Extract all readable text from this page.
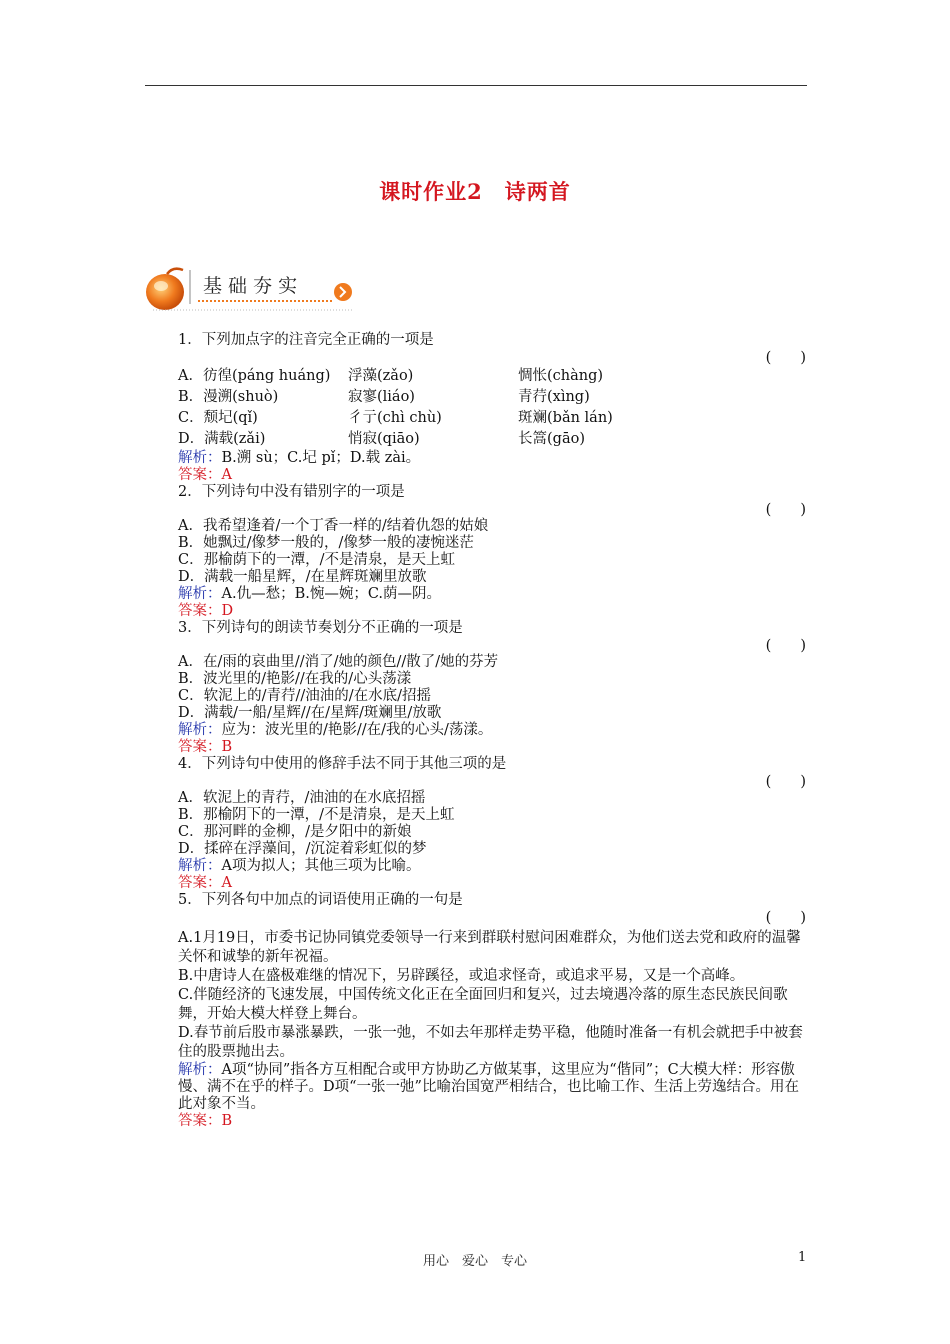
课时作业2　诗两首
基 础 夯 实
1．下列加点字的注音完全正确的一项是
(　　)
A．彷徨(páng huáng)	浮藻(zǎo)	惆怅(chàng)
B．漫溯(shuò)	寂寥(liáo)	青荇(xìng)
C．颓圮(qǐ)	彳亍(chì chù)	斑斓(bǎn lán)
D．满载(zǎi)	悄寂(qiāo)	长篙(gāo)
解析：B.溯 sù；C.圮 pǐ；D.载 zài。
答案：A
2．下列诗句中没有错别字的一项是
(　　)
A．我希望逢着/一个丁香一样的/结着仇怨的姑娘
B．她飘过/像梦一般的，/像梦一般的凄惋迷茫
C．那榆荫下的一潭，/不是清泉，是天上虹
D．满载一船星辉，/在星辉斑斓里放歌
解析：A.仇—愁；B.惋—婉；C.荫—阴。
答案：D
3．下列诗句的朗读节奏划分不正确的一项是
(　　)
A．在/雨的哀曲里//消了/她的颜色//散了/她的芬芳
B．波光里的/艳影//在我的/心头荡漾
C．软泥上的/青荇//油油的/在水底/招摇
D．满载/一船/星辉//在/星辉/斑斓里/放歌
解析：应为：波光里的/艳影//在/我的心头/荡漾。
答案：B
4．下列诗句中使用的修辞手法不同于其他三项的是
(　　)
A．软泥上的青荇，/油油的在水底招摇
B．那榆阴下的一潭，/不是清泉，是天上虹
C．那河畔的金柳，/是夕阳中的新娘
D．揉碎在浮藻间，/沉淀着彩虹似的梦
解析：A项为拟人；其他三项为比喻。
答案：A
5．下列各句中加点的词语使用正确的一句是
(　　)
A.1月19日，市委书记协同镇党委领导一行来到群联村慰问困难群众，为他们送去党和政府的温馨关怀和诚挚的新年祝福。
B.中唐诗人在盛极难继的情况下，另辟蹊径，或追求怪奇，或追求平易，又是一个高峰。
C.伴随经济的飞速发展，中国传统文化正在全面回归和复兴，过去境遇冷落的原生态民族民间歌舞，开始大模大样登上舞台。
D.春节前后股市暴涨暴跌，一张一弛，不如去年那样走势平稳，他随时准备一有机会就把手中被套住的股票抛出去。
解析：A项“协同”指各方互相配合或甲方协助乙方做某事，这里应为“偕同”；C大模大样：形容傲慢、满不在乎的样子。D项“一张一弛”比喻治国宽严相结合，也比喻工作、生活上劳逸结合。用在此对象不当。
答案：B
用心　爱心　专心	1
